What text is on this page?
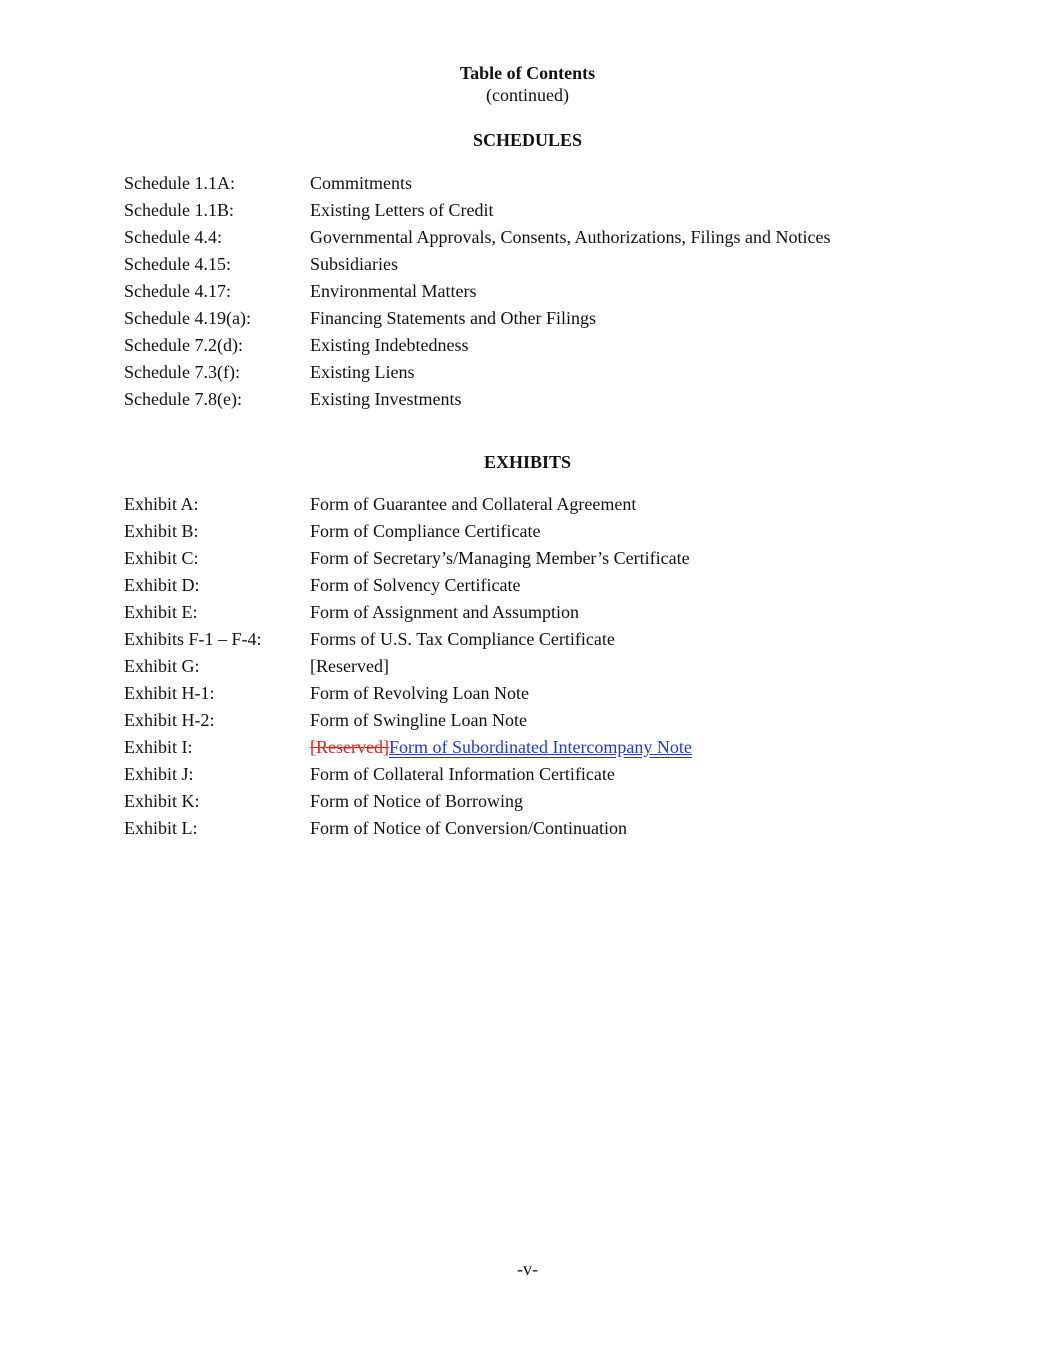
Table of Contents
(continued)
SCHEDULES
Schedule 1.1A:	Commitments
Schedule 1.1B:	Existing Letters of Credit
Schedule 4.4:	Governmental Approvals, Consents, Authorizations, Filings and Notices
Schedule 4.15:	Subsidiaries
Schedule 4.17:	Environmental Matters
Schedule 4.19(a):	Financing Statements and Other Filings
Schedule 7.2(d):	Existing Indebtedness
Schedule 7.3(f):	Existing Liens
Schedule 7.8(e):	Existing Investments
EXHIBITS
Exhibit A:	Form of Guarantee and Collateral Agreement
Exhibit B:	Form of Compliance Certificate
Exhibit C:	Form of Secretary’s/Managing Member’s Certificate
Exhibit D:	Form of Solvency Certificate
Exhibit E:	Form of Assignment and Assumption
Exhibits F-1 – F-4:	Forms of U.S. Tax Compliance Certificate
Exhibit G:	[Reserved]
Exhibit H-1:	Form of Revolving Loan Note
Exhibit H-2:	Form of Swingline Loan Note
Exhibit I:	[Reserved]Form of Subordinated Intercompany Note
Exhibit J:	Form of Collateral Information Certificate
Exhibit K:	Form of Notice of Borrowing
Exhibit L:	Form of Notice of Conversion/Continuation
-v-
